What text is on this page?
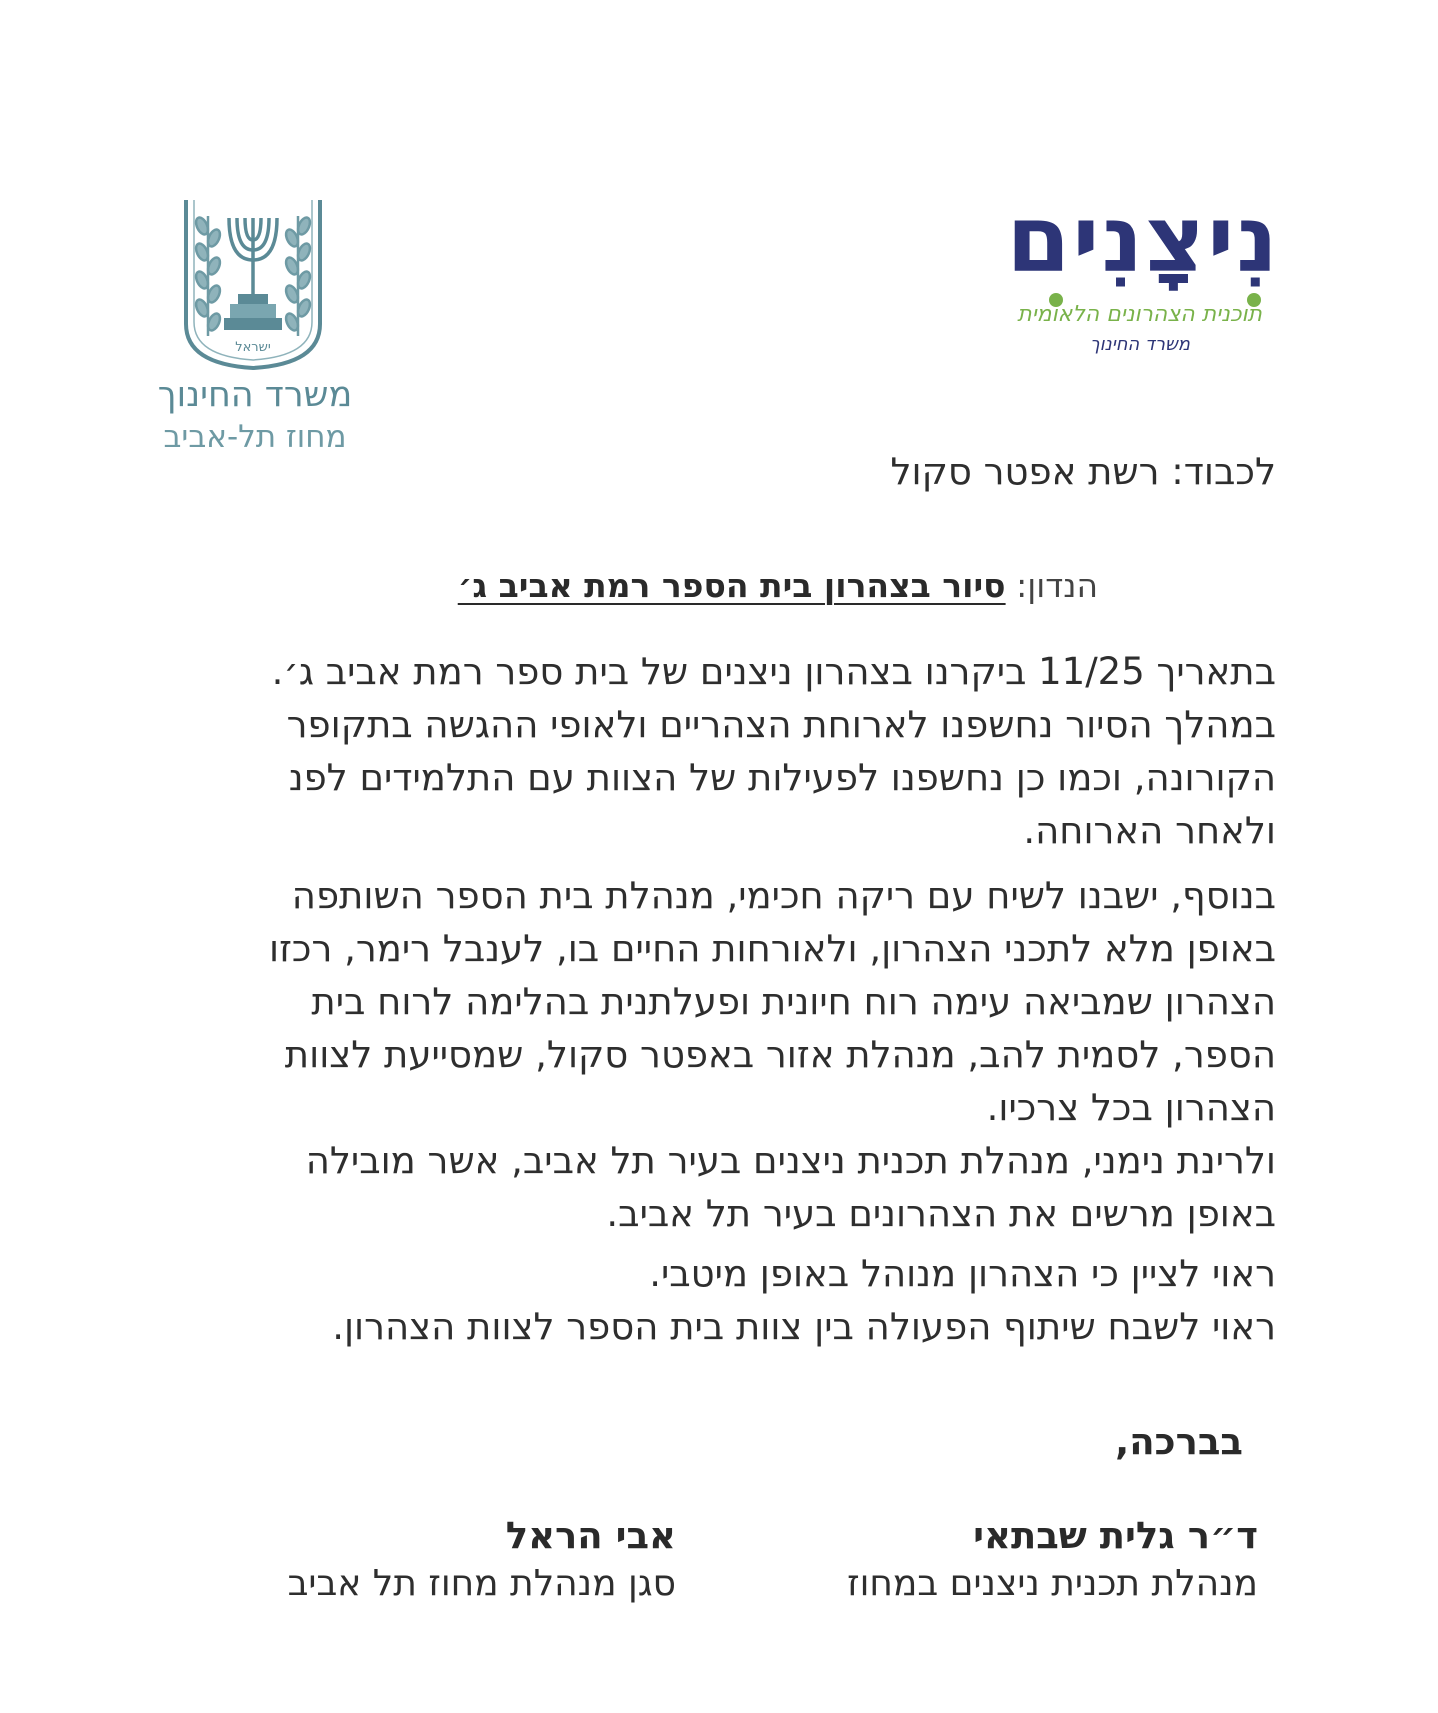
ישראל
משרד החינוך
מחוז תל-אביב
נִיצָנִים
תוכנית הצהרונים הלאומית
משרד החינוך
לכבוד: רשת אפטר סקול
הנדון: סיור בצהרון בית הספר רמת אביב ג׳
בתאריך 11/25 ביקרנו בצהרון ניצנים של בית ספר רמת אביב ג׳.
במהלך הסיור נחשפנו לארוחת הצהריים ולאופי ההגשה בתקופר
הקורונה, וכמו כן נחשפנו לפעילות של הצוות עם התלמידים לפנ
ולאחר הארוחה.
בנוסף, ישבנו לשיח עם ריקה חכימי, מנהלת בית הספר השותפה
באופן מלא לתכני הצהרון, ולאורחות החיים בו, לענבל רימר, רכזו
הצהרון שמביאה עימה רוח חיונית ופעלתנית בהלימה לרוח בית
הספר, לסמית להב, מנהלת אזור באפטר סקול, שמסייעת לצוות
הצהרון בכל צרכיו.
ולרינת נימני, מנהלת תכנית ניצנים בעיר תל אביב, אשר מובילה
באופן מרשים את הצהרונים בעיר תל אביב.
ראוי לציין כי הצהרון מנוהל באופן מיטבי.
ראוי לשבח שיתוף הפעולה בין צוות בית הספר לצוות הצהרון.
בברכה,
ד״ר גלית שבתאי
מנהלת תכנית ניצנים במחוז
אבי הראל
סגן מנהלת מחוז תל אביב
